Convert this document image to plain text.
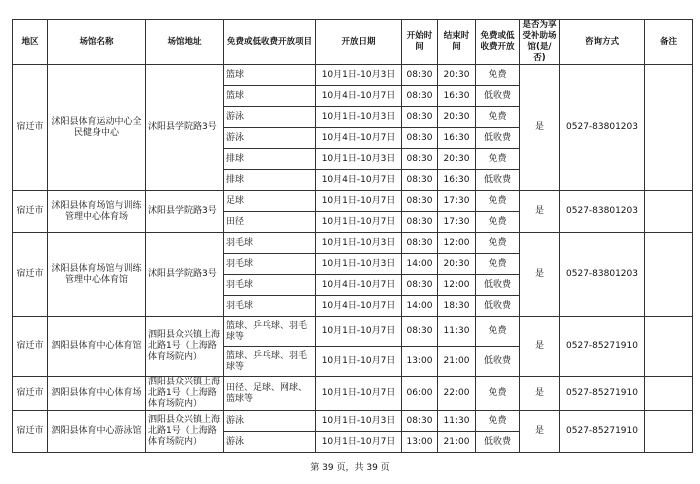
地区	场馆名称	场馆地址	免费或低收费开放项目	开放日期	开始时间	结束时间	免费或低收费开放	是否为享受补助场馆(是/否)	咨询方式	备注
宿迁市	沭阳县体育运动中心全民健身中心	沭阳县学院路3号	篮球	10月1日-10月3日	08:30	20:30	免费	是	0527-83801203	
			篮球	10月4日-10月7日	08:30	16:30	低收费			
			游泳	10月1日-10月3日	08:30	20:30	免费			
			游泳	10月4日-10月7日	08:30	16:30	低收费			
			排球	10月1日-10月3日	08:30	20:30	免费			
			排球	10月4日-10月7日	08:30	16:30	低收费			
宿迁市	沭阳县体育场馆与训练管理中心体育场	沭阳县学院路3号	足球	10月1日-10月7日	08:30	17:30	免费	是	0527-83801203	
			田径	10月1日-10月7日	08:30	17:30	免费			
宿迁市	沭阳县体育场馆与训练管理中心体育馆	沭阳县学院路3号	羽毛球	10月1日-10月3日	08:30	12:00	免费	是	0527-83801203	
			羽毛球	10月1日-10月3日	14:00	20:30	免费			
			羽毛球	10月4日-10月7日	08:30	12:00	低收费			
			羽毛球	10月4日-10月7日	14:00	18:30	低收费			
宿迁市	泗阳县体育中心体育馆	泗阳县众兴镇上海北路1号（上海路体育场院内）	篮球、乒乓球、羽毛球等	10月1日-10月7日	08:30	11:30	免费	是	0527-85271910	
			篮球、乒乓球、羽毛球等	10月1日-10月7日	13:00	21:00	低收费			
宿迁市	泗阳县体育中心体育场	泗阳县众兴镇上海北路1号（上海路体育场院内）	田径、足球、网球、篮球等	10月1日-10月7日	06:00	22:00	免费	是	0527-85271910	
宿迁市	泗阳县体育中心游泳馆	泗阳县众兴镇上海北路1号（上海路体育场院内）	游泳	10月1日-10月3日	08:30	11:30	免费	是	0527-85271910	
			游泳	10月1日-10月7日	13:00	21:00	低收费			
第 39 页，共 39 页
